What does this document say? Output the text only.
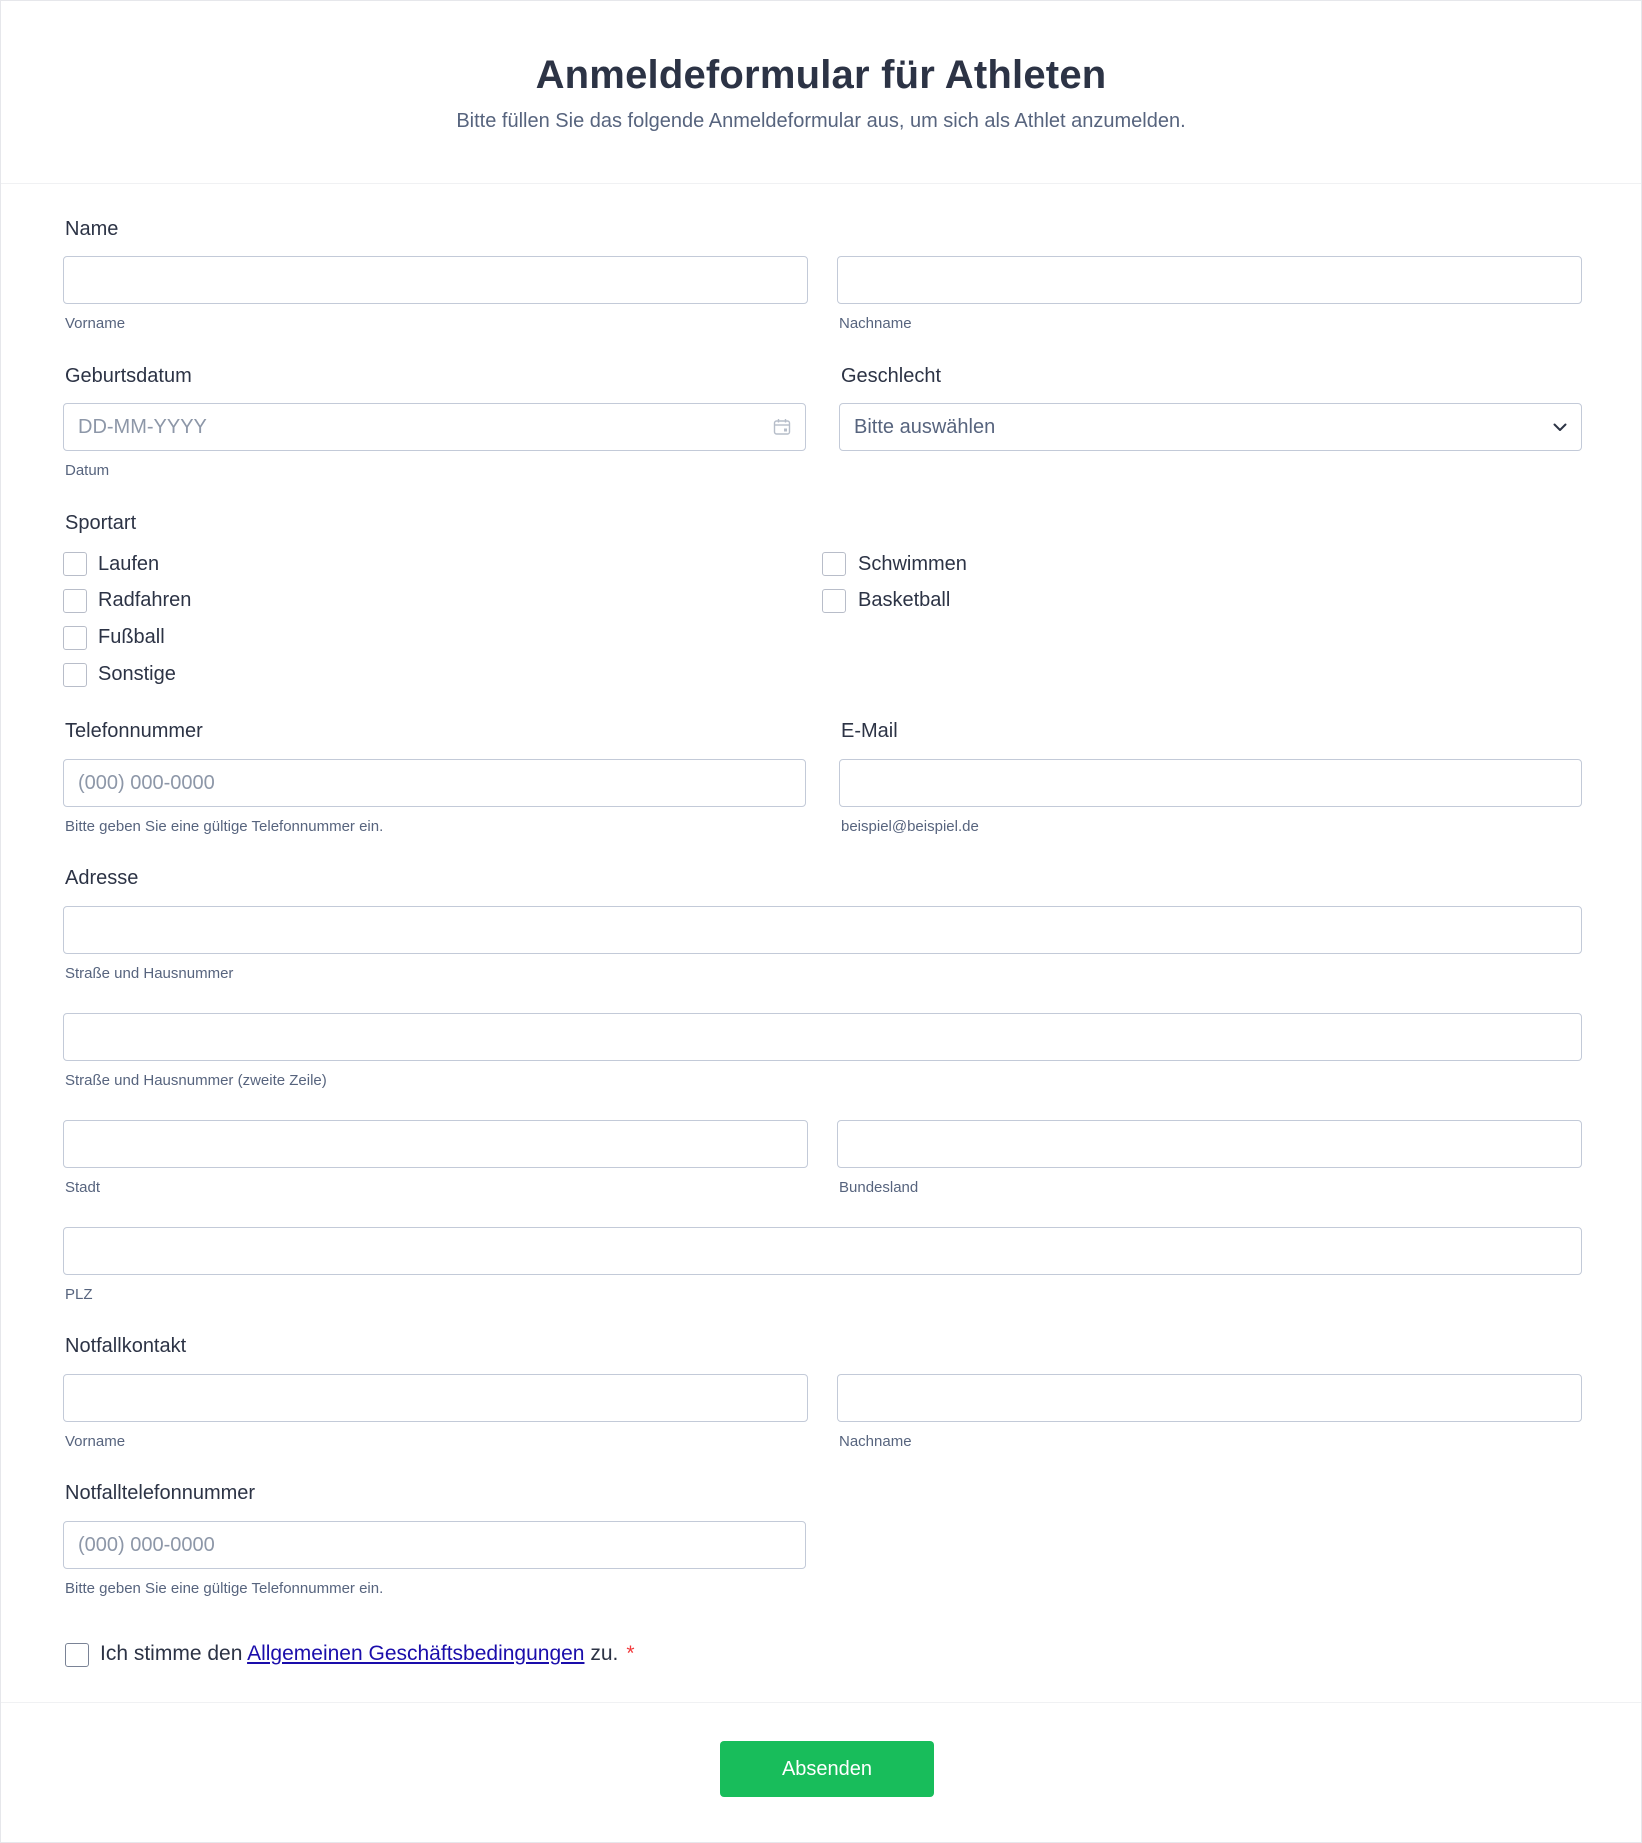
Anmeldeformular für Athleten

Bitte füllen Sie das folgende Anmeldeformular aus, um sich als Athlet anzumelden.

Name
Vorname	Nachname
Geburtsdatum	Geschlecht
DD-MM-YYYY	Bitte auswählen
Datum
Sportart
Laufen
Radfahren
Fußball
Sonstige
Schwimmen
Basketball
Telefonnummer	E-Mail
(000) 000-0000
Bitte geben Sie eine gültige Telefonnummer ein.	beispiel@beispiel.de
Adresse
Straße und Hausnummer
Straße und Hausnummer (zweite Zeile)
Stadt	Bundesland
PLZ
Notfallkontakt
Vorname	Nachname
Notfalltelefonnummer
(000) 000-0000
Bitte geben Sie eine gültige Telefonnummer ein.
Ich stimme den Allgemeinen Geschäftsbedingungen zu. *
Absenden
